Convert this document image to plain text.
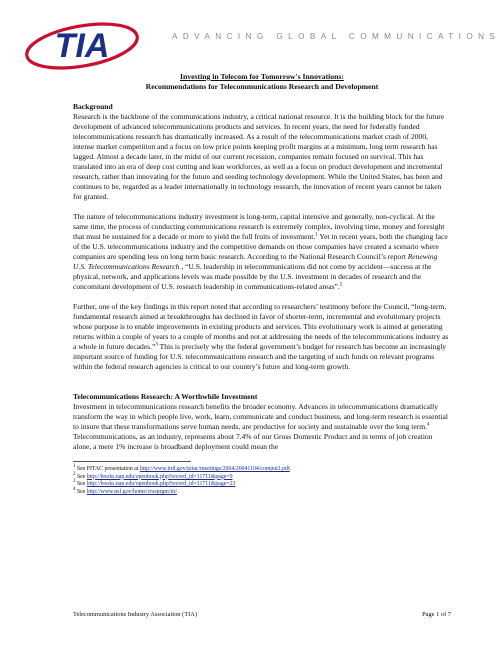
TIA	ADVANCING GLOBAL COMMUNICATIONS
Investing in Telecom for Tomorrow's Innovations:
Recommendations for Telecommunications Research and Development
Background

Research is the backbone of the communications industry, a critical national resource. It is the building block for the future development of advanced telecommunications products and services. In recent years, the need for federally funded telecommunications research has dramatically increased. As a result of the telecommunications market crash of 2000, intense market competition and a focus on low price points keeping profit margins at a minimum, long term research has lagged. Almost a decade later, in the midst of our current recession, companies remain focused on survival. This has translated into an era of deep cost cutting and lean workforces, as well as a focus on product development and incremental research, rather than innovating for the future and seeding technology development. While the United States, has been and continues to be, regarded as a leader internationally in technology research, the innovation of recent years cannot be taken for granted.

The nature of telecommunications industry investment is long-term, capital intensive and generally, non-cyclical. At the same time, the process of conducting communications research is extremely complex, involving time, money and foresight that must be sustained for a decade or more to yield the full fruits of investment.$^1$ Yet in recent years, both the changing face of the U.S. telecommunications industry and the competitive demands on those companies have created a scenario where companies are spending less on long term basic research. According to the National Research Council’s report Renewing U.S. Telecommunications Research , “U.S. leadership in telecommunications did not come by accident—success at the physical, network, and applications levels was made possible by the U.S. investment in decades of research and the concomitant development of U.S. research leadership in communications-related areas”.$^2$

Further, one of the key findings in this report noted that according to researchers’ testimony before the Council, “long-term, fundamental research aimed at breakthroughs has declined in favor of shorter-term, incremental and evolutionary projects whose purpose is to enable improvements in existing products and services. This evolutionary work is aimed at generating returns within a couple of years to a couple of months and not at addressing the needs of the telecommunications industry as a whole in future decades.”$^3$ This is precisely why the federal government’s budget for research has become an increasingly important source of funding for U.S. telecommunications research and the targeting of such funds on relevant programs within the federal research agencies is critical to our country’s future and long-term growth.

Telecommunications Research: A Worthwhile Investment

Investment in telecommunications research benefits the broader economy. Advances in telecommunications dramatically transform the way in which people live, work, learn, communicate and conduct business, and long-term research is essential to insure that these transformations serve human needs, are productive for society and sustainable over the long term.$^4$ Telecommunications, as an industry, represents about 7.4% of our Gross Domestic Product and in terms of job creation alone, a mere 1% increase is broadband deployment could mean the

$^1$ See PITAC presentation at http://www.itrd.gov/pitac/meetings/2004/20041104/comput1.pdf.
$^2$ See http://books.nap.edu/openbook.php?record_id=11711&page=9
$^3$ See http://books.nap.edu/openbook.php?record_id=11711&page=23
$^4$ See http://www.nsf.gov/home/crssprgm/itr/.
Telecommunications Industry Association (TIA)	Page 1 of 7
